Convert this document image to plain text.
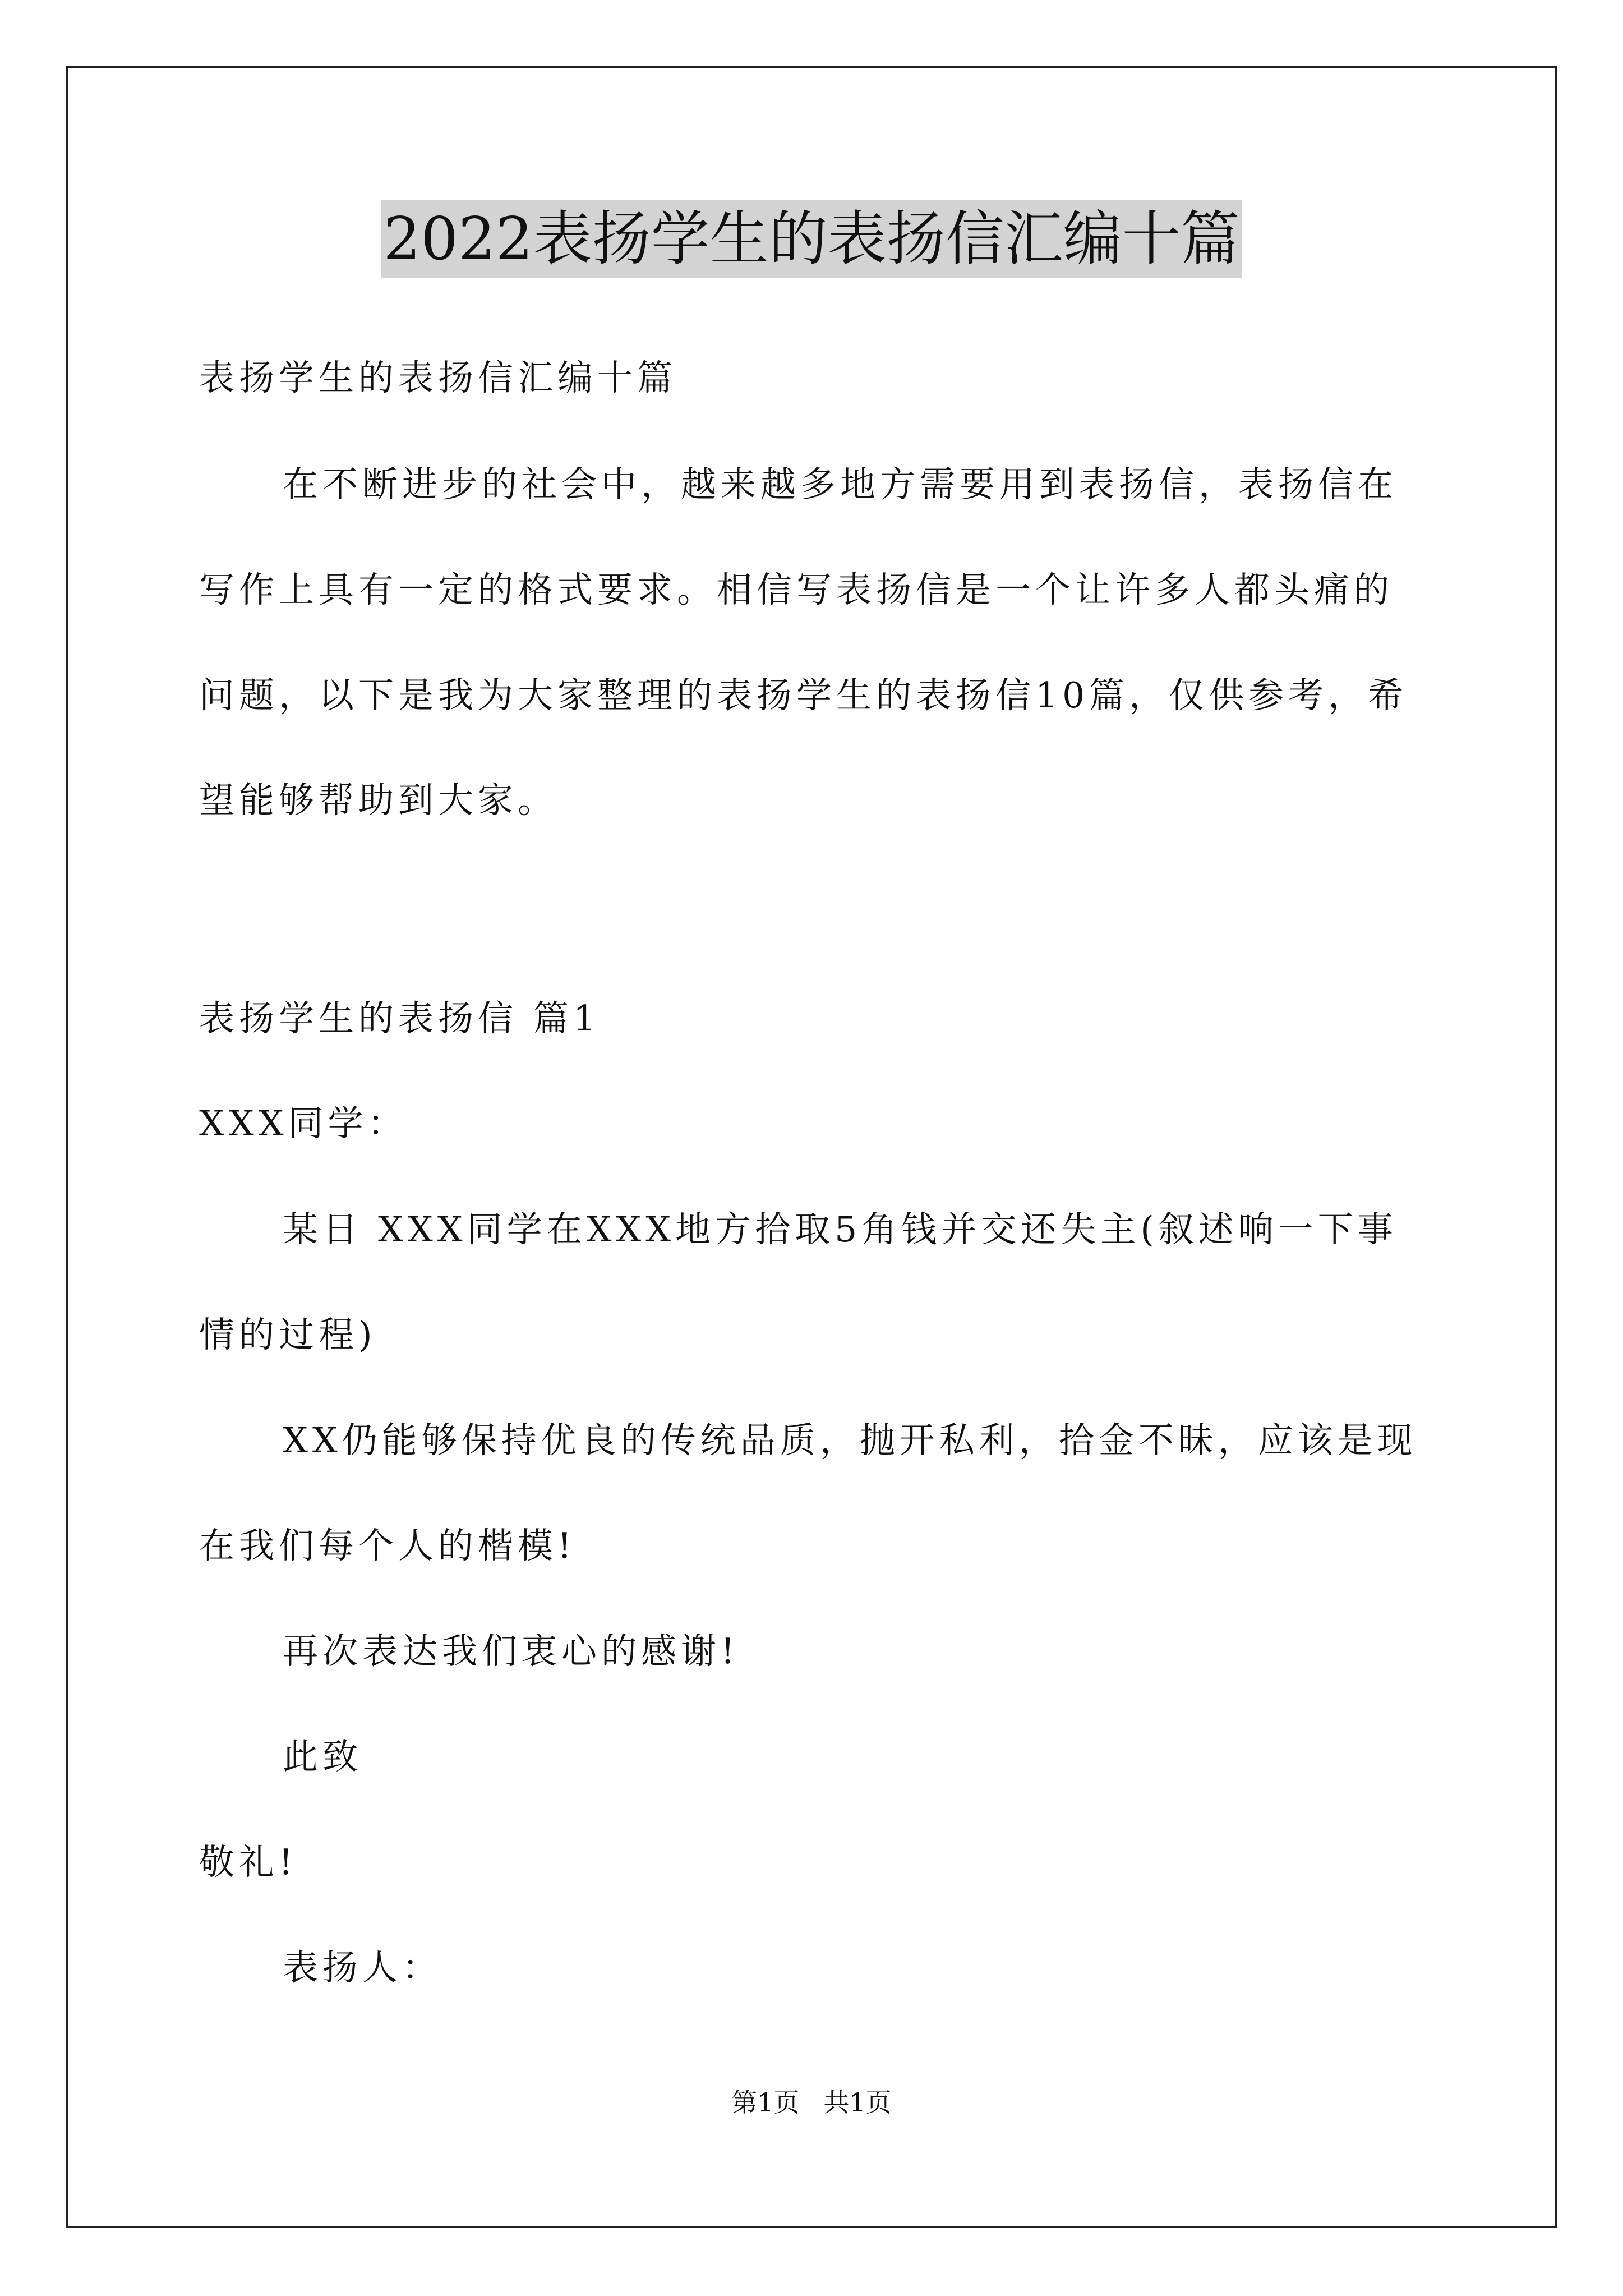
2022表扬学生的表扬信汇编十篇

表扬学生的表扬信汇编十篇

在不断进步的社会中，越来越多地方需要用到表扬信，表扬信在

写作上具有一定的格式要求。相信写表扬信是一个让许多人都头痛的

问题，以下是我为大家整理的表扬学生的表扬信10篇，仅供参考，希

望能够帮助到大家。

表扬学生的表扬信 篇1

XXX同学：

某日 XXX同学在XXX地方拾取5角钱并交还失主(叙述响一下事

情的过程)

XX仍能够保持优良的传统品质，抛开私利，拾金不昧，应该是现

在我们每个人的楷模!

再次表达我们衷心的感谢!

此致

敬礼!

表扬人：

第1页 共1页
